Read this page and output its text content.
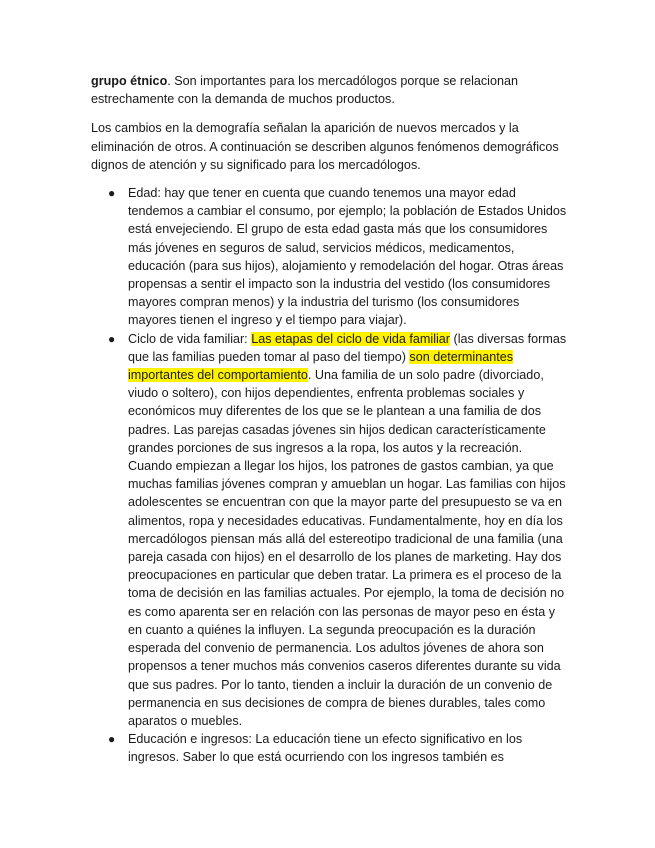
grupo étnico. Son importantes para los mercadólogos porque se relacionan estrechamente con la demanda de muchos productos.

Los cambios en la demografía señalan la aparición de nuevos mercados y la eliminación de otros. A continuación se describen algunos fenómenos demográficos dignos de atención y su significado para los mercadólogos.

● Edad: hay que tener en cuenta que cuando tenemos una mayor edad tendemos a cambiar el consumo, por ejemplo; la población de Estados Unidos está envejeciendo. El grupo de esta edad gasta más que los consumidores más jóvenes en seguros de salud, servicios médicos, medicamentos, educación (para sus hijos), alojamiento y remodelación del hogar. Otras áreas propensas a sentir el impacto son la industria del vestido (los consumidores mayores compran menos) y la industria del turismo (los consumidores mayores tienen el ingreso y el tiempo para viajar).
● Ciclo de vida familiar: Las etapas del ciclo de vida familiar (las diversas formas que las familias pueden tomar al paso del tiempo) son determinantes importantes del comportamiento. Una familia de un solo padre (divorciado, viudo o soltero), con hijos dependientes, enfrenta problemas sociales y económicos muy diferentes de los que se le plantean a una familia de dos padres. Las parejas casadas jóvenes sin hijos dedican característicamente grandes porciones de sus ingresos a la ropa, los autos y la recreación. Cuando empiezan a llegar los hijos, los patrones de gastos cambian, ya que muchas familias jóvenes compran y amueblan un hogar. Las familias con hijos adolescentes se encuentran con que la mayor parte del presupuesto se va en alimentos, ropa y necesidades educativas. Fundamentalmente, hoy en día los mercadólogos piensan más allá del estereotipo tradicional de una familia (una pareja casada con hijos) en el desarrollo de los planes de marketing. Hay dos preocupaciones en particular que deben tratar. La primera es el proceso de la toma de decisión en las familias actuales. Por ejemplo, la toma de decisión no es como aparenta ser en relación con las personas de mayor peso en ésta y en cuanto a quiénes la influyen. La segunda preocupación es la duración esperada del convenio de permanencia. Los adultos jóvenes de ahora son propensos a tener muchos más convenios caseros diferentes durante su vida que sus padres. Por lo tanto, tienden a incluir la duración de un convenio de permanencia en sus decisiones de compra de bienes durables, tales como aparatos o muebles.
● Educación e ingresos: La educación tiene un efecto significativo en los ingresos. Saber lo que está ocurriendo con los ingresos también es
